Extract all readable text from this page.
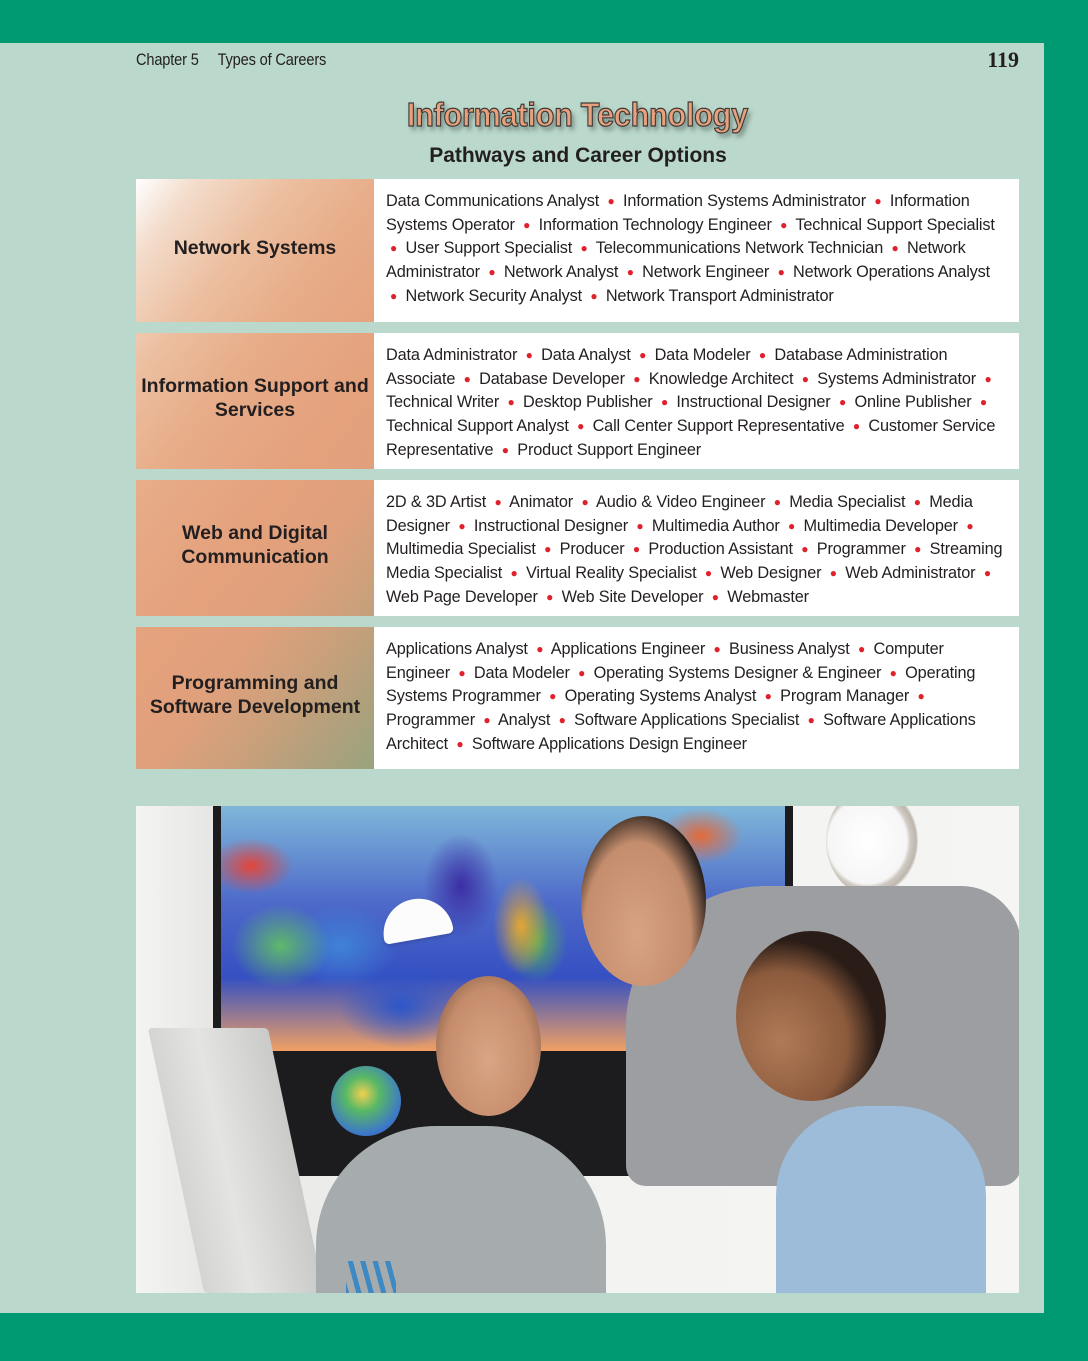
Chapter 5 Types of Careers	119
Information Technology
Pathways and Career Options
Network Systems
Data Communications Analyst ● Information Systems Administrator ● Information Systems Operator ● Information Technology Engineer ● Technical Support Specialist ● User Support Specialist ● Telecommunications Network Technician ● Network Administrator ● Network Analyst ● Network Engineer ● Network Operations Analyst ● Network Security Analyst ● Network Transport Administrator
Information Support and Services
Data Administrator ● Data Analyst ● Data Modeler ● Database Administration Associate ● Database Developer ● Knowledge Architect ● Systems Administrator ● Technical Writer ● Desktop Publisher ● Instructional Designer ● Online Publisher ● Technical Support Analyst ● Call Center Support Representative ● Customer Service Representative ● Product Support Engineer
Web and Digital Communication
2D & 3D Artist ● Animator ● Audio & Video Engineer ● Media Specialist ● Media Designer ● Instructional Designer ● Multimedia Author ● Multimedia Developer ● Multimedia Specialist ● Producer ● Production Assistant ● Programmer ● Streaming Media Specialist ● Virtual Reality Specialist ● Web Designer ● Web Administrator ● Web Page Developer ● Web Site Developer ● Webmaster
Programming and Software Development
Applications Analyst ● Applications Engineer ● Business Analyst ● Computer Engineer ● Data Modeler ● Operating Systems Designer & Engineer ● Operating Systems Programmer ● Operating Systems Analyst ● Program Manager ● Programmer ● Analyst ● Software Applications Specialist ● Software Applications Architect ● Software Applications Design Engineer
